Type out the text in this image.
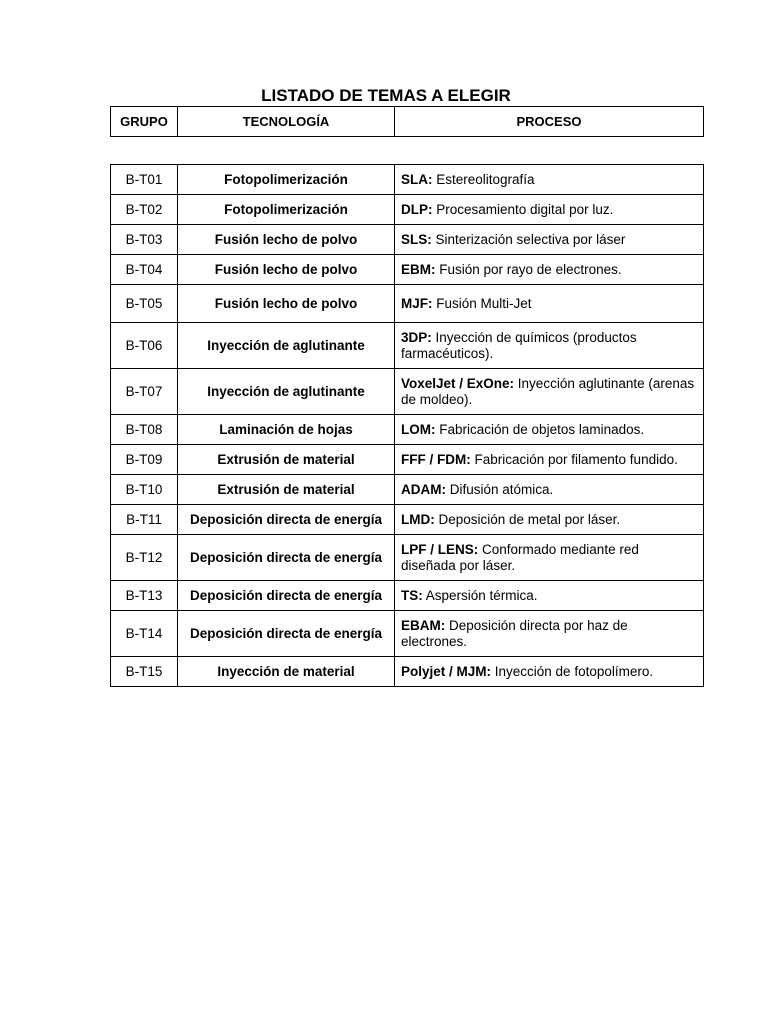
LISTADO DE TEMAS A ELEGIR
GRUPO	TECNOLOGÍA	PROCESO
B-T01	Fotopolimerización	SLA: Estereolitografía
B-T02	Fotopolimerización	DLP: Procesamiento digital por luz.
B-T03	Fusión lecho de polvo	SLS: Sinterización selectiva por láser
B-T04	Fusión lecho de polvo	EBM: Fusión por rayo de electrones.
B-T05	Fusión lecho de polvo	MJF: Fusión Multi-Jet
B-T06	Inyección de aglutinante	3DP: Inyección de químicos (productos farmacéuticos).
B-T07	Inyección de aglutinante	VoxelJet / ExOne: Inyección aglutinante (arenas de moldeo).
B-T08	Laminación de hojas	LOM: Fabricación de objetos laminados.
B-T09	Extrusión de material	FFF / FDM: Fabricación por filamento fundido.
B-T10	Extrusión de material	ADAM: Difusión atómica.
B-T11	Deposición directa de energía	LMD: Deposición de metal por láser.
B-T12	Deposición directa de energía	LPF / LENS: Conformado mediante red diseñada por láser.
B-T13	Deposición directa de energía	TS: Aspersión térmica.
B-T14	Deposición directa de energía	EBAM: Deposición directa por haz de electrones.
B-T15	Inyección de material	Polyjet / MJM: Inyección de fotopolímero.
